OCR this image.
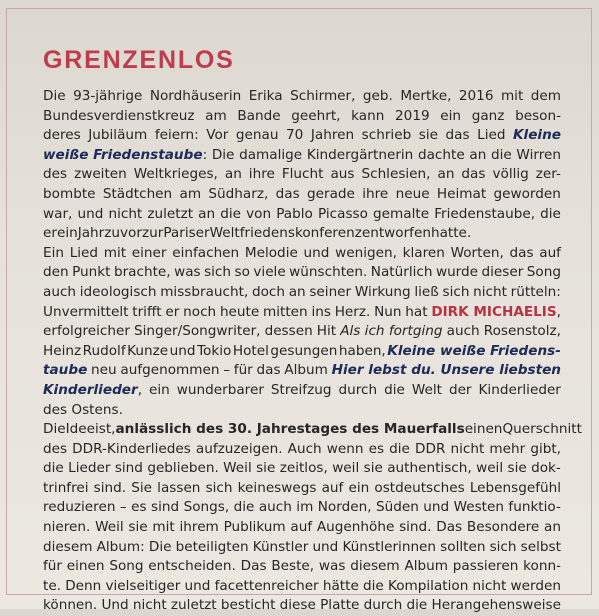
GRENZENLOS
Die 93-jährige Nordhäuserin Erika Schirmer, geb. Mertke, 2016 mit dem
Bundesverdienstkreuz am Bande geehrt, kann 2019 ein ganz beson-
deres Jubiläum feiern: Vor genau 70 Jahren schrieb sie das Lied Kleine
weiße Friedenstaube: Die damalige Kindergärtnerin dachte an die Wirren
des zweiten Weltkrieges, an ihre Flucht aus Schlesien, an das völlig zer-
bombte Städtchen am Südharz, das gerade ihre neue Heimat geworden
war, und nicht zuletzt an die von Pablo Picasso gemalte Friedenstaube, die
er ein Jahr zuvor zur Pariser Weltfriedenskonferenz entworfen hatte.
Ein Lied mit einer einfachen Melodie und wenigen, klaren Worten, das auf
den Punkt brachte, was sich so viele wünschten. Natürlich wurde dieser Song
auch ideologisch missbraucht, doch an seiner Wirkung ließ sich nicht rütteln:
Unvermittelt trifft er noch heute mitten ins Herz. Nun hat DIRK MICHAELIS,
erfolgreicher Singer/Songwriter, dessen Hit Als ich fortging auch Rosenstolz,
Heinz Rudolf Kunze und Tokio Hotel gesungen haben, Kleine weiße Friedens-
taube neu aufgenommen – für das Album Hier lebst du. Unsere liebsten
Kinderlieder, ein wunderbarer Streifzug durch die Welt der Kinderlieder
des Ostens.
Die Idee ist, anlässlich des 30. Jahrestages des Mauerfalls einen Querschnitt
des DDR-Kinderliedes aufzuzeigen. Auch wenn es die DDR nicht mehr gibt,
die Lieder sind geblieben. Weil sie zeitlos, weil sie authentisch, weil sie dok-
trinfrei sind. Sie lassen sich keineswegs auf ein ostdeutsches Lebensgefühl
reduzieren – es sind Songs, die auch im Norden, Süden und Westen funktio-
nieren. Weil sie mit ihrem Publikum auf Augenhöhe sind. Das Besondere an
diesem Album: Die beteiligten Künstler und Künstlerinnen sollten sich selbst
für einen Song entscheiden. Das Beste, was diesem Album passieren konn-
te. Denn vielseitiger und facettenreicher hätte die Kompilation nicht werden
können. Und nicht zuletzt besticht diese Platte durch die Herangehensweise
